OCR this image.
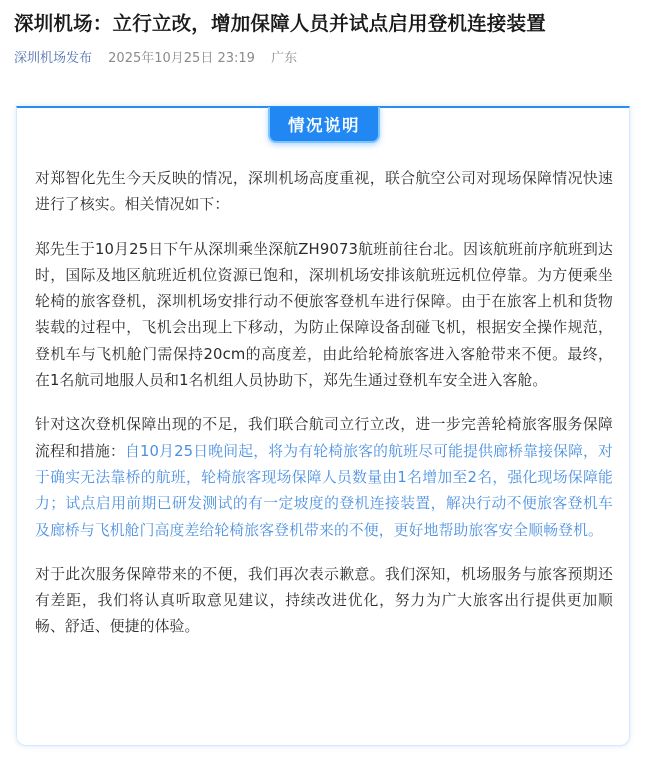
深圳机场：立行立改，增加保障人员并试点启用登机连接装置
深圳机场发布 2025年10月25日 23:19 广东
情况说明

对郑智化先生今天反映的情况，深圳机场高度重视，联合航空公司对现场保障情况快速进行了核实。相关情况如下：

郑先生于10月25日下午从深圳乘坐深航ZH9073航班前往台北。因该航班前序航班到达时，国际及地区航班近机位资源已饱和，深圳机场安排该航班远机位停靠。为方便乘坐轮椅的旅客登机，深圳机场安排行动不便旅客登机车进行保障。由于在旅客上机和货物装载的过程中，飞机会出现上下移动，为防止保障设备刮碰飞机，根据安全操作规范，登机车与飞机舱门需保持20cm的高度差，由此给轮椅旅客进入客舱带来不便。最终，在1名航司地服人员和1名机组人员协助下，郑先生通过登机车安全进入客舱。

针对这次登机保障出现的不足，我们联合航司立行立改，进一步完善轮椅旅客服务保障流程和措施：自10月25日晚间起，将为有轮椅旅客的航班尽可能提供廊桥靠接保障，对于确实无法靠桥的航班，轮椅旅客现场保障人员数量由1名增加至2名，强化现场保障能力；试点启用前期已研发测试的有一定坡度的登机连接装置，解决行动不便旅客登机车及廊桥与飞机舱门高度差给轮椅旅客登机带来的不便，更好地帮助旅客安全顺畅登机。

对于此次服务保障带来的不便，我们再次表示歉意。我们深知，机场服务与旅客预期还有差距，我们将认真听取意见建议，持续改进优化，努力为广大旅客出行提供更加顺畅、舒适、便捷的体验。
